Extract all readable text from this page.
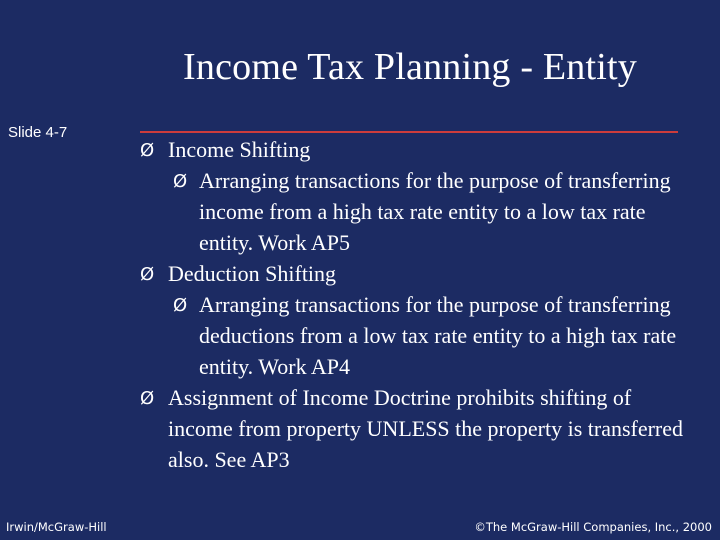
Income Tax Planning - Entity
Slide 4-7
Ø Income Shifting
Ø Arranging transactions for the purpose of transferring income from a high tax rate entity to a low tax rate entity. Work AP5
Ø Deduction Shifting
Ø Arranging transactions for the purpose of transferring deductions from a low tax rate entity to a high tax rate entity. Work AP4
Ø Assignment of Income Doctrine prohibits shifting of income from property UNLESS the property is transferred also. See AP3
Irwin/McGraw-Hill	©The McGraw-Hill Companies, Inc., 2000
